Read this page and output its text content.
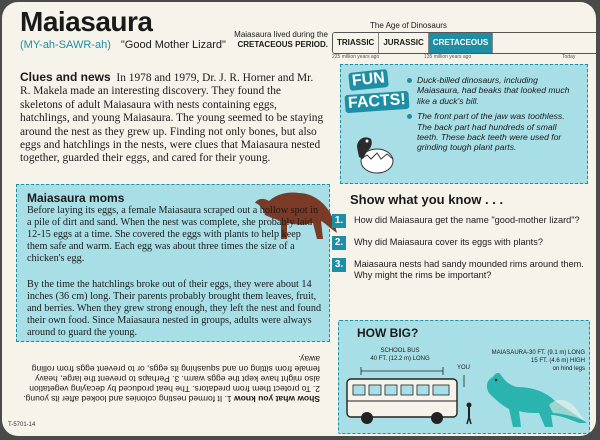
Maiasaura
(MY-ah-SAWR-ah) "Good Mother Lizard"
Maiasaura lived during the
CRETACEOUS PERIOD.
The Age of Dinosaurs
TRIASSIC	JURASSIC	CRETACEOUS
225 million years ago	135 million years ago	Today
Clues and news In 1978 and 1979, Dr. J. R. Horner and Mr. R. Makela made an interesting discovery. They found the skeletons of adult Maiasaura with nests containing eggs, hatchlings, and young Maiasaura. The young seemed to be staying around the nest as they grew up. Finding not only bones, but also eggs and hatchlings in the nests, were clues that Maiasaura nested together, guarded their eggs, and cared for their young.
Maiasaura moms
Before laying its eggs, a female Maiasaura scraped out a hollow spot in a pile of dirt and sand. When the nest was complete, she probably laid 12-15 eggs at a time. She covered the eggs with plants to help keep them safe and warm. Each egg was about three times the size of a chicken's egg.
By the time the hatchlings broke out of their eggs, they were about 14 inches (36 cm) long. Their parents probably brought them leaves, fruit, and berries. When they grew strong enough, they left the nest and found their own food. Since Maiasaura nested in groups, adults were always around to guard the young.
Show what you know 1. It formed nesting colonies and looked after its young. 2. To protect them from predators. The heat produced by decaying vegetation also might have kept the eggs warm. 3. Perhaps to prevent the large, heavy female from sitting on and squashing its eggs, or to prevent eggs from rolling away.
T-5701-14
FUN
FACTS!
Duck-billed dinosaurs, including Maiasaura, had beaks that looked much like a duck's bill.
The front part of the jaw was toothless. The back part had hundreds of small teeth. These back teeth were used for grinding tough plant parts.
Show what you know . . .
1.	How did Maiasaura get the name "good-mother lizard"?
2.	Why did Maiasaura cover its eggs with plants?
3.	Maiasaura nests had sandy mounded rims around them. Why might the rims be important?
HOW BIG?
SCHOOL BUS
40 FT. (12.2 m) LONG
YOU
MAIASAURA-30 FT. (9.1 m) LONG
15 FT. (4.6 m) HIGH
on hind legs
